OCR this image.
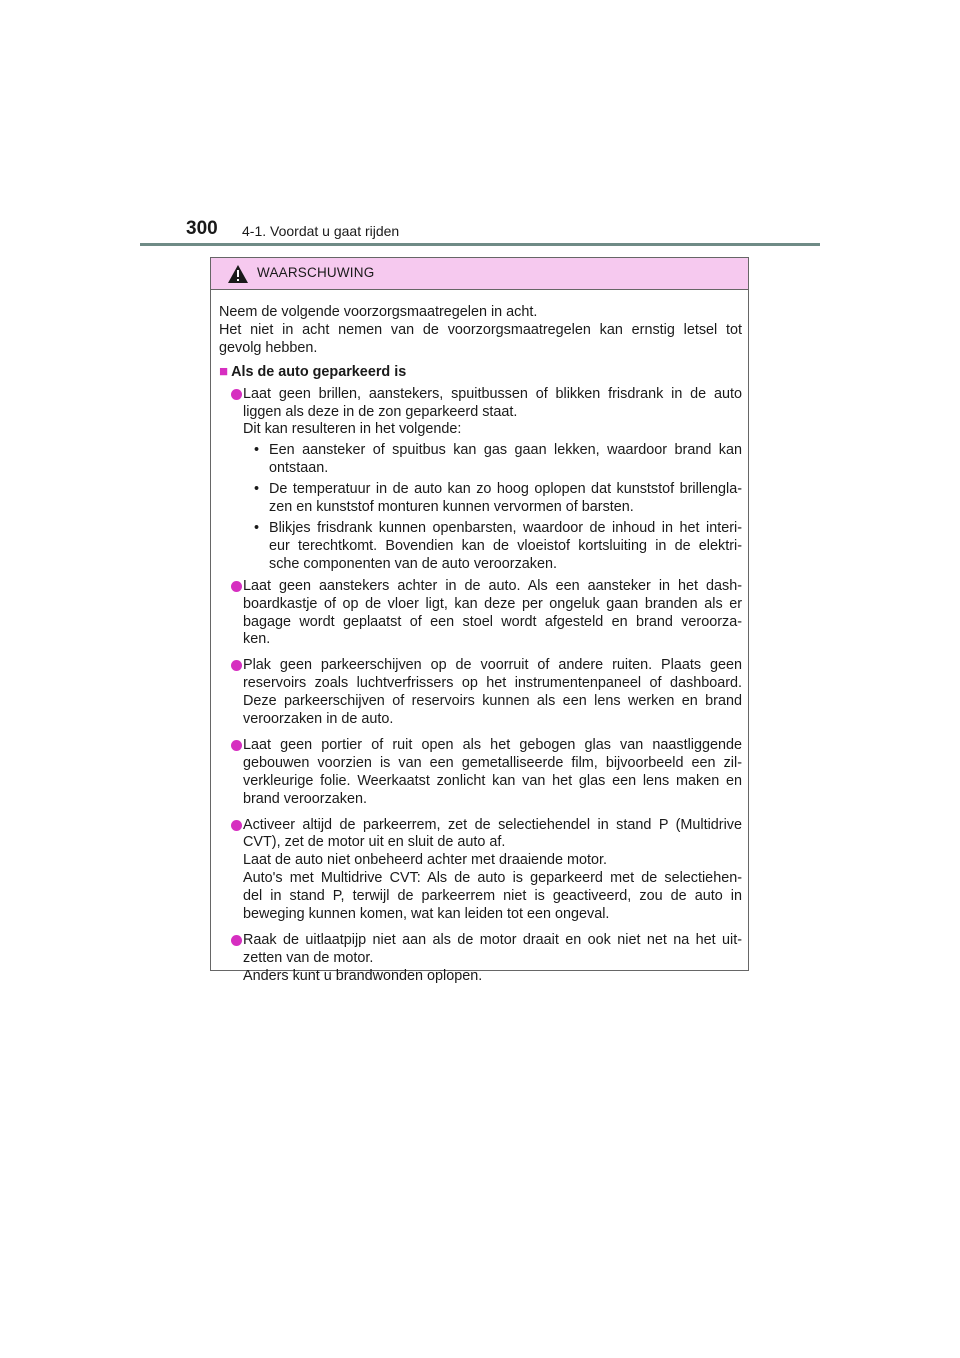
300 4-1. Voordat u gaat rijden
WAARSCHUWING
Neem de volgende voorzorgsmaatregelen in acht.
Het niet in acht nemen van de voorzorgsmaatregelen kan ernstig letsel tot
gevolg hebben.
■ Als de auto geparkeerd is
Laat geen brillen, aanstekers, spuitbussen of blikken frisdrank in de auto
liggen als deze in de zon geparkeerd staat.
Dit kan resulteren in het volgende:
• Een aansteker of spuitbus kan gas gaan lekken, waardoor brand kan
ontstaan.
• De temperatuur in de auto kan zo hoog oplopen dat kunststof brillengla-
zen en kunststof monturen kunnen vervormen of barsten.
• Blikjes frisdrank kunnen openbarsten, waardoor de inhoud in het interi-
eur terechtkomt. Bovendien kan de vloeistof kortsluiting in de elektri-
sche componenten van de auto veroorzaken.
Laat geen aanstekers achter in de auto. Als een aansteker in het dash-
boardkastje of op de vloer ligt, kan deze per ongeluk gaan branden als er
bagage wordt geplaatst of een stoel wordt afgesteld en brand veroorza-
ken.
Plak geen parkeerschijven op de voorruit of andere ruiten. Plaats geen
reservoirs zoals luchtverfrissers op het instrumentenpaneel of dashboard.
Deze parkeerschijven of reservoirs kunnen als een lens werken en brand
veroorzaken in de auto.
Laat geen portier of ruit open als het gebogen glas van naastliggende
gebouwen voorzien is van een gemetalliseerde film, bijvoorbeeld een zil-
verkleurige folie. Weerkaatst zonlicht kan van het glas een lens maken en
brand veroorzaken.
Activeer altijd de parkeerrem, zet de selectiehendel in stand P (Multidrive
CVT), zet de motor uit en sluit de auto af.
Laat de auto niet onbeheerd achter met draaiende motor.
Auto's met Multidrive CVT: Als de auto is geparkeerd met de selectiehen-
del in stand P, terwijl de parkeerrem niet is geactiveerd, zou de auto in
beweging kunnen komen, wat kan leiden tot een ongeval.
Raak de uitlaatpijp niet aan als de motor draait en ook niet net na het uit-
zetten van de motor.
Anders kunt u brandwonden oplopen.
